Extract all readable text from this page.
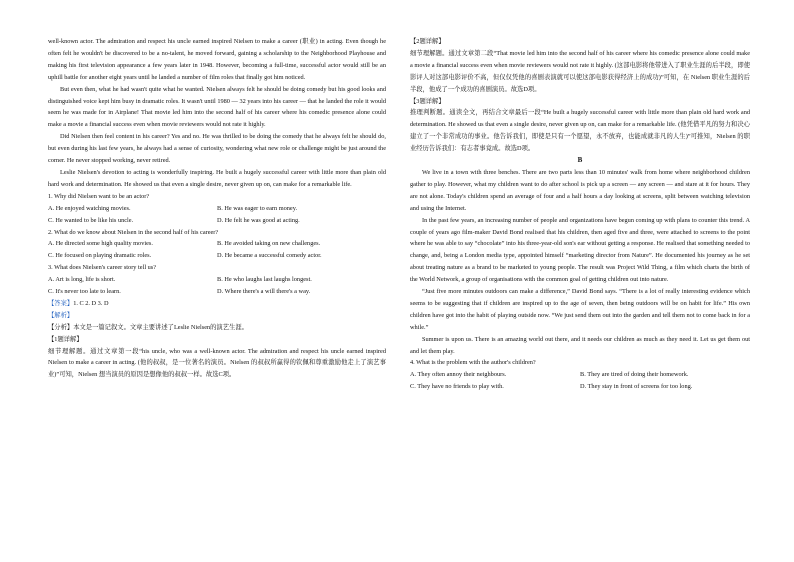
well-known actor. The admiration and respect his uncle earned inspired Nielsen to make a career (职业) in acting. Even though he often felt he wouldn't be discovered to be a no-talent, he moved forward, gaining a scholarship to the Neighborhood Playhouse and making his first television appearance a few years later in 1948. However, becoming a full-time, successful actor would still be an uphill battle for another eight years until he landed a number of film roles that finally got him noticed.

But even then, what he had wasn't quite what he wanted. Nielsen always felt he should be doing comedy but his good looks and distinguished voice kept him busy in dramatic roles. It wasn't until 1980 — 32 years into his career — that he landed the role it would seem he was made for in Airplane! That movie led him into the second half of his career where his comedic presence alone could make a movie a financial success even when movie reviewers would not rate it highly.

Did Nielsen then feel content in his career? Yes and no. He was thrilled to be doing the comedy that he always felt he should do, but even during his last few years, he always had a sense of curiosity, wondering what new role or challenge might be just around the corner. He never stopped working, never retired.

Leslie Nielsen's devotion to acting is wonderfully inspiring. He built a hugely successful career with little more than plain old hard work and determination. He showed us that even a single desire, never given up on, can make for a remarkable life.

1. Why did Nielsen want to be an actor?

A. He enjoyed watching movies.	B. He was eager to earn money.
C. He wanted to be like his uncle.	D. He felt he was good at acting.

2. What do we know about Nielsen in the second half of his career?

A. He directed some high quality movies.	B. He avoided taking on new challenges.
C. He focused on playing dramatic roles.	D. He became a successful comedy actor.

3. What does Nielsen's career story tell us?

A. Art is long, life is short.	B. He who laughs last laughs longest.
C. It's never too late to learn.	D. Where there's a will there's a way.

【答案】1. C 2. D 3. D

【解析】

【分析】本文是一篇记叙文。文章主要讲述了Leslie Nielsen的演艺生涯。

【1题详解】

细节理解题。通过文章第一段“his uncle, who was a well-known actor. The admiration and respect his uncle earned inspired Nielsen to make a career in acting. (他的叔叔，是一位著名的演员。Nielsen 的叔叔所赢得的钦佩和尊重激励他走上了演艺事业)”可知，Nielsen 想当演员的原因是想像他的叔叔一样。故选C项。

【2题详解】

细节理解题。通过文章第二段“That movie led him into the second half of his career where his comedic presence alone could make a movie a financial success even when movie reviewers would not rate it highly. (这部电影将他带进入了职业生涯的后半段，即使影评人对这部电影评价不高，但仅仅凭他的喜剧表演就可以使这部电影获得经济上的成功)”可知，在 Nielsen 职业生涯的后半段，他成了一个成功的喜剧演员。故选D项。

【3题详解】

推理判断题。通读全文，再结合文章最后一段“He built a hugely successful career with little more than plain old hard work and determination. He showed us that even a single desire, never given up on, can make for a remarkable life. (他凭借平凡的努力和决心建立了一个非常成功的事业。他告诉我们，即使是只有一个愿望，永不放弃，也能成就非凡的人生)”可推知，Nielsen 的职业经历告诉我们：有志者事竟成。故选D项。

B

We live in a town with three benches. There are two parts less than 10 minutes' walk from home where neighborhood children gather to play. However, what my children want to do after school is pick up a screen — any screen — and stare at it for hours. They are not alone. Today's children spend an average of four and a half hours a day looking at screens, split between watching television and using the Internet.

In the past few years, an increasing number of people and organizations have begun coming up with plans to counter this trend. A couple of years ago film-maker David Bond realised that his children, then aged five and three, were attached to screens to the point where he was able to say “chocolate” into his three-year-old son's ear without getting a response. He realised that something needed to change, and, being a London media type, appointed himself “marketing director from Nature”. He documented his journey as he set about treating nature as a brand to be marketed to young people. The result was Project Wild Thing, a film which charts the birth of the World Network, a group of organisations with the common goal of getting children out into nature.

“Just five more minutes outdoors can make a difference,” David Bond says. “There is a lot of really interesting evidence which seems to be suggesting that if children are inspired up to the age of seven, then being outdoors will be on habit for life.” His own children have got into the habit of playing outside now. “We just send them out into the garden and tell them not to come back in for a while.”

Summer is upon us. There is an amazing world out there, and it needs our children as much as they need it. Let us get them out and let them play.

4. What is the problem with the author's children?

A. They often annoy their neighbours.	B. They are tired of doing their homework.
C. They have no friends to play with.	D. They stay in front of screens for too long.
